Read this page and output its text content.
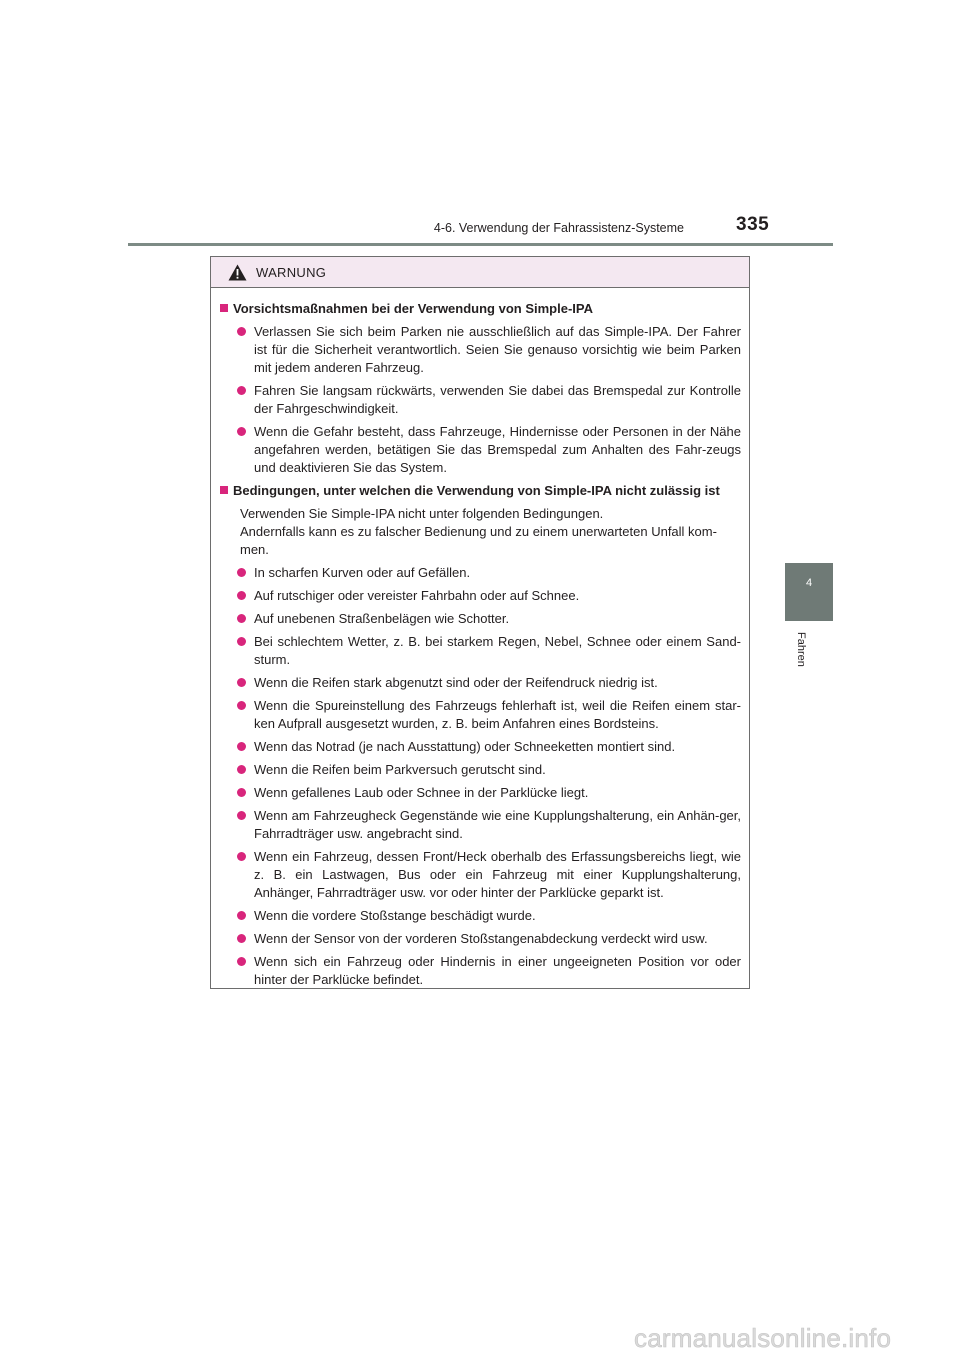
4-6. Verwendung der Fahrassistenz-Systeme	335
4
Fahren
WARNUNG
Vorsichtsmaßnahmen bei der Verwendung von Simple-IPA
Verlassen Sie sich beim Parken nie ausschließlich auf das Simple-IPA. Der Fahrer ist für die Sicherheit verantwortlich. Seien Sie genauso vorsichtig wie beim Parken mit jedem anderen Fahrzeug.
Fahren Sie langsam rückwärts, verwenden Sie dabei das Bremspedal zur Kontrolle der Fahrgeschwindigkeit.
Wenn die Gefahr besteht, dass Fahrzeuge, Hindernisse oder Personen in der Nähe angefahren werden, betätigen Sie das Bremspedal zum Anhalten des Fahr-zeugs und deaktivieren Sie das System.
Bedingungen, unter welchen die Verwendung von Simple-IPA nicht zulässig ist
Verwenden Sie Simple-IPA nicht unter folgenden Bedingungen.
Andernfalls kann es zu falscher Bedienung und zu einem unerwarteten Unfall kom-men.
In scharfen Kurven oder auf Gefällen.
Auf rutschiger oder vereister Fahrbahn oder auf Schnee.
Auf unebenen Straßenbelägen wie Schotter.
Bei schlechtem Wetter, z. B. bei starkem Regen, Nebel, Schnee oder einem Sand-sturm.
Wenn die Reifen stark abgenutzt sind oder der Reifendruck niedrig ist.
Wenn die Spureinstellung des Fahrzeugs fehlerhaft ist, weil die Reifen einem star-ken Aufprall ausgesetzt wurden, z. B. beim Anfahren eines Bordsteins.
Wenn das Notrad (je nach Ausstattung) oder Schneeketten montiert sind.
Wenn die Reifen beim Parkversuch gerutscht sind.
Wenn gefallenes Laub oder Schnee in der Parklücke liegt.
Wenn am Fahrzeugheck Gegenstände wie eine Kupplungshalterung, ein Anhän-ger, Fahrradträger usw. angebracht sind.
Wenn ein Fahrzeug, dessen Front/Heck oberhalb des Erfassungsbereichs liegt, wie z. B. ein Lastwagen, Bus oder ein Fahrzeug mit einer Kupplungshalterung, Anhänger, Fahrradträger usw. vor oder hinter der Parklücke geparkt ist.
Wenn die vordere Stoßstange beschädigt wurde.
Wenn der Sensor von der vorderen Stoßstangenabdeckung verdeckt wird usw.
Wenn sich ein Fahrzeug oder Hindernis in einer ungeeigneten Position vor oder hinter der Parklücke befindet.
carmanualsonline.info
